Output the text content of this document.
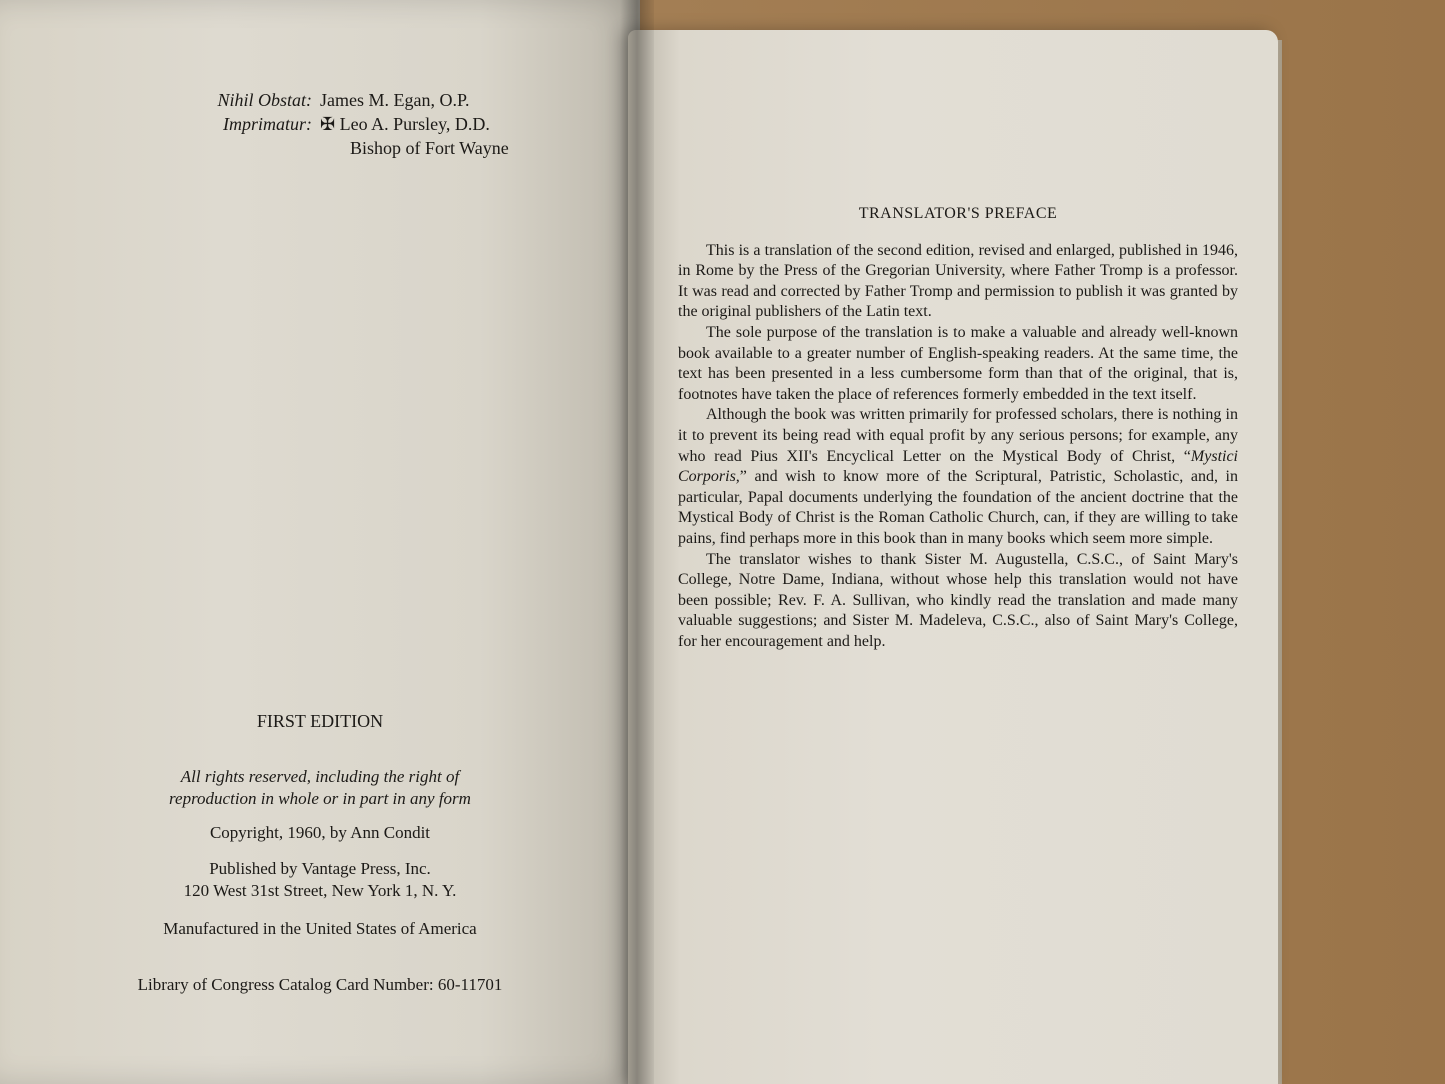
Nihil Obstat: James M. Egan, O.P.
Imprimatur: ✠ Leo A. Pursley, D.D.
Bishop of Fort Wayne
FIRST EDITION
All rights reserved, including the right of
reproduction in whole or in part in any form
Copyright, 1960, by Ann Condit
Published by Vantage Press, Inc.
120 West 31st Street, New York 1, N. Y.
Manufactured in the United States of America
Library of Congress Catalog Card Number: 60-11701
TRANSLATOR'S PREFACE

This is a translation of the second edition, revised and enlarged, published in 1946, in Rome by the Press of the Gregorian University, where Father Tromp is a professor. It was read and corrected by Father Tromp and permission to publish it was granted by the original publishers of the Latin text.

The sole purpose of the translation is to make a valuable and already well-known book available to a greater number of English-speaking readers. At the same time, the text has been presented in a less cumbersome form than that of the original, that is, footnotes have taken the place of references formerly embedded in the text itself.

Although the book was written primarily for professed scholars, there is nothing in it to prevent its being read with equal profit by any serious persons; for example, any who read Pius XII's Encyclical Letter on the Mystical Body of Christ, “Mystici Corporis,” and wish to know more of the Scriptural, Patristic, Scholastic, and, in particular, Papal documents underlying the foundation of the ancient doctrine that the Mystical Body of Christ is the Roman Catholic Church, can, if they are willing to take pains, find perhaps more in this book than in many books which seem more simple.

The translator wishes to thank Sister M. Augustella, C.S.C., of Saint Mary's College, Notre Dame, Indiana, without whose help this translation would not have been possible; Rev. F. A. Sullivan, who kindly read the translation and made many valuable suggestions; and Sister M. Madeleva, C.S.C., also of Saint Mary's College, for her encouragement and help.
